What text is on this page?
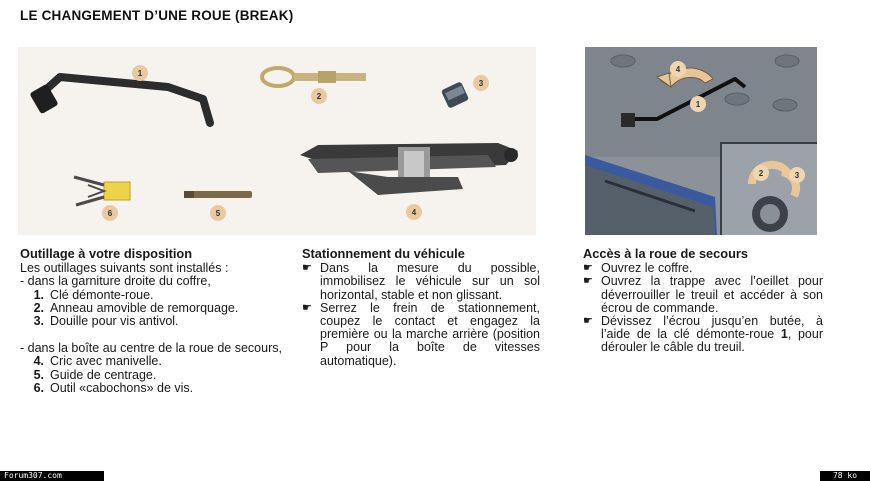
LE CHANGEMENT D’UNE ROUE (BREAK)
1
2
3
4
5
6
4
1
2	3
Outillage à votre disposition

Les outillages suivants sont installés :

- dans la garniture droite du coffre,

1. Clé démonte-roue.
2. Anneau amovible de remorquage.
3. Douille pour vis antivol.

- dans la boîte au centre de la roue de secours,

4. Cric avec manivelle.
5. Guide de centrage.
6. Outil «cabochons» de vis.
Stationnement du véhicule
☛ Dans la mesure du possible, immobilisez le véhicule sur un sol horizontal, stable et non glissant.
☛ Serrez le frein de stationnement, coupez le contact et engagez la première ou la marche arrière (position P pour la boîte de vitesses automatique).
Accès à la roue de secours
☛ Ouvrez le coffre.
☛ Ouvrez la trappe avec l’oeillet pour déverrouiller le treuil et accéder à son écrou de commande.
☛ Dévissez l’écrou jusqu’en butée, à l’aide de la clé démonte-roue 1, pour dérouler le câble du treuil.
Forum307.com	78 ko
